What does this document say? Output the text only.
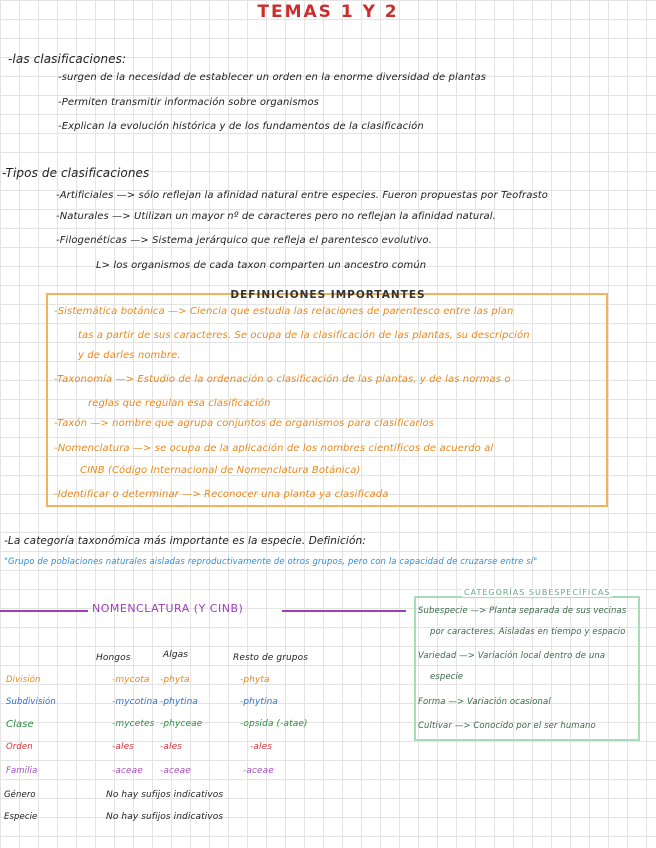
TEMAS 1 Y 2
-las clasificaciones:
-surgen de la necesidad de establecer un orden en la enorme diversidad de plantas
-Permiten transmitir información sobre organismos
-Explican la evolución histórica y de los fundamentos de la clasificación
-Tipos de clasificaciones
-Artificiales —> sólo reflejan la afinidad natural entre especies. Fueron propuestas por Teofrasto
-Naturales —> Utilizan un mayor nº de caracteres pero no reflejan la afinidad natural.
-Filogenéticas —> Sistema jerárquico que refleja el parentesco evolutivo.
L> los organismos de cada taxon comparten un ancestro común
DEFINICIONES IMPORTANTES
-Sistemática botánica —> Ciencia que estudia las relaciones de parentesco entre las plan
tas a partir de sus caracteres. Se ocupa de la clasificación de las plantas, su descripción
y de darles nombre.
-Taxonomía —> Estudio de la ordenación o clasificación de las plantas, y de las normas o
reglas que regulan esa clasificación
-Taxón —> nombre que agrupa conjuntos de organismos para clasificarlos
-Nomenclatura —> se ocupa de la aplicación de los nombres científicos de acuerdo al
CINB (Código Internacional de Nomenclatura Botánica)
-Identificar o determinar —> Reconocer una planta ya clasificada
-La categoría taxonómica más importante es la especie. Definición:
"Grupo de poblaciones naturales aisladas reproductivamente de otros grupos, pero con la capacidad de cruzarse entre sí"
NOMENCLATURA (Y CINB)
Hongos	Algas	Resto de grupos
División	-mycota -phyta	-phyta
Subdivisión	-mycotina -phytina	-phytina
Clase	-mycetes -phyceae	-opsida (-atae)
Orden	-ales	-ales	-ales
Familia	-aceae -aceae	-aceae
Género	No hay sufijos indicativos
Especie	No hay sufijos indicativos
CATEGORÍAS SUBESPECÍFICAS
Subespecie —> Planta separada de sus vecinas
por caracteres. Aisladas en tiempo y espacio
Variedad —> Variación local dentro de una
especie
Forma —> Variación ocasional
Cultivar —> Conocido por el ser humano
